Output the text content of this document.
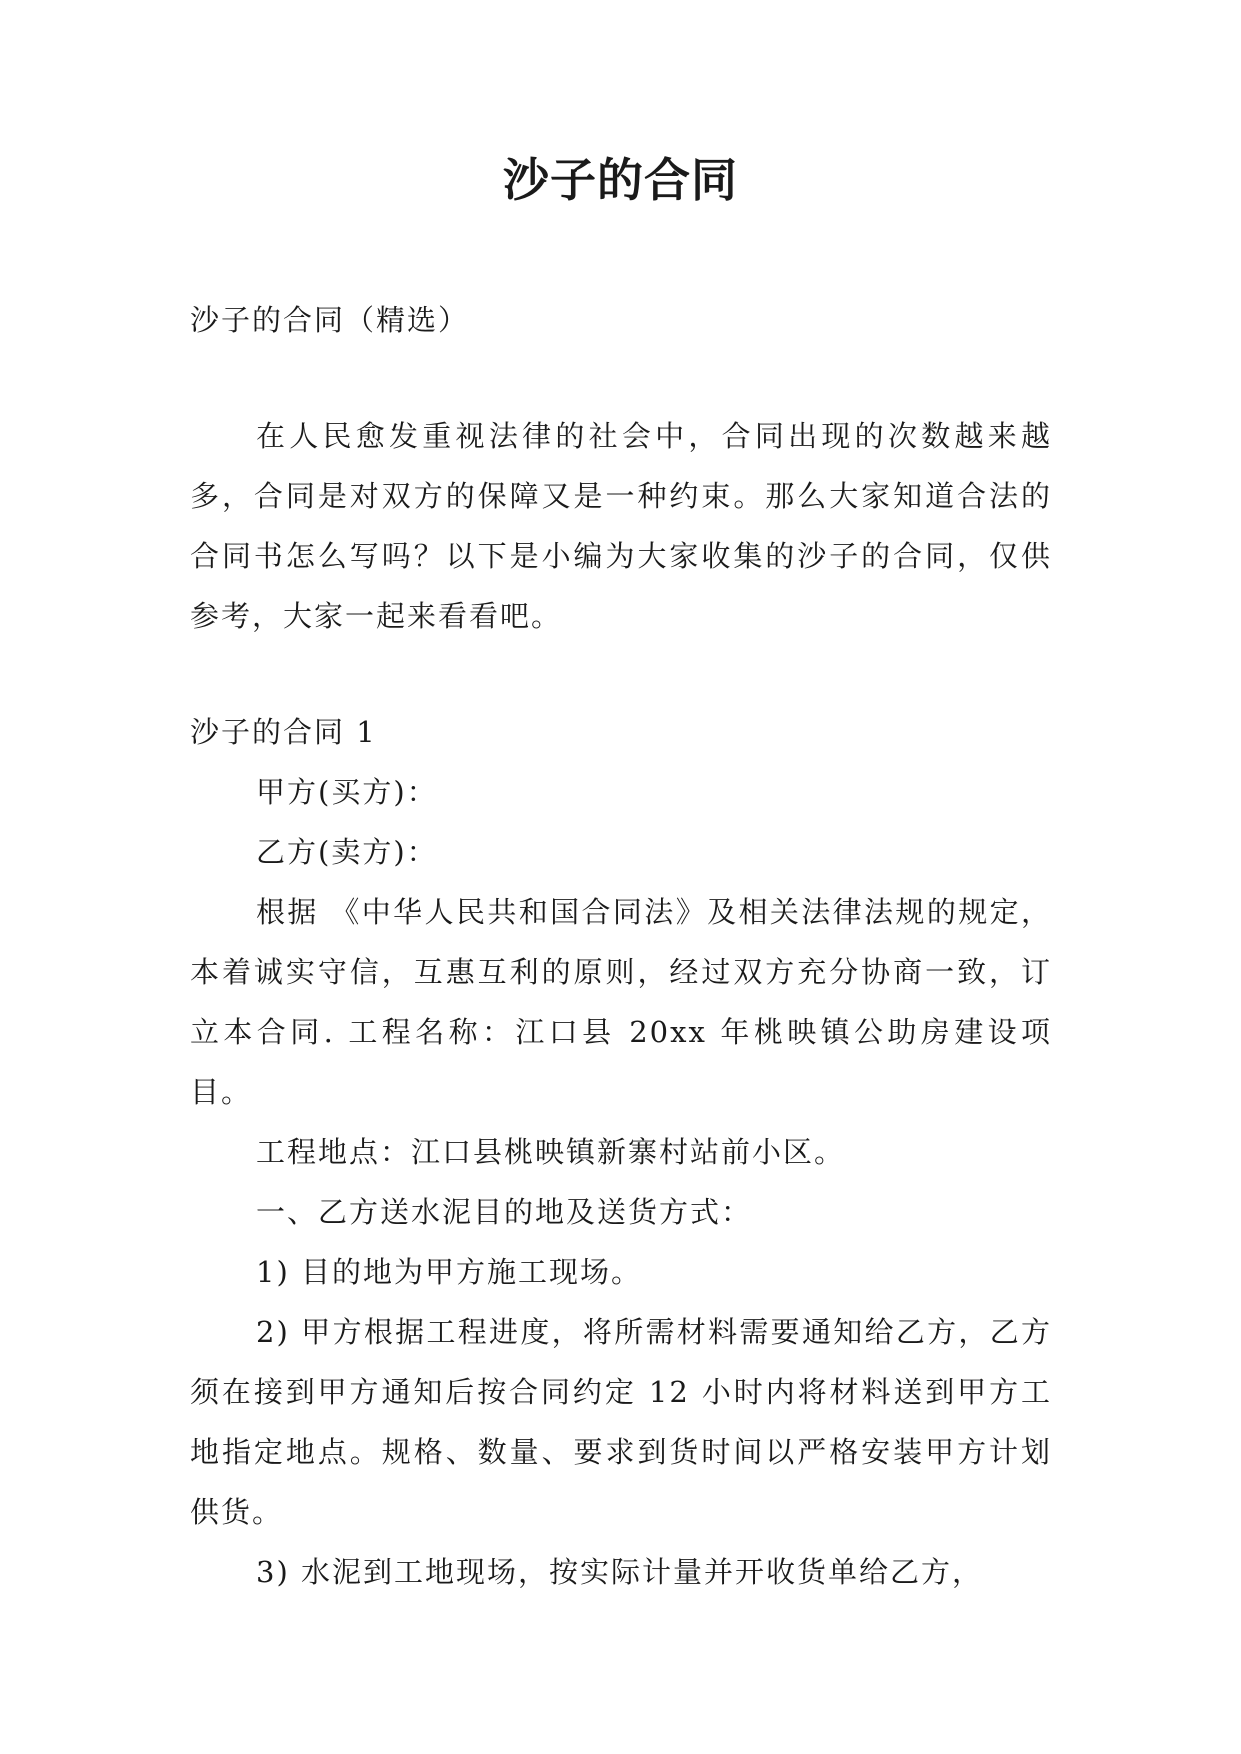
沙子的合同

沙子的合同（精选）

在人民愈发重视法律的社会中，合同出现的次数越来越多，合同是对双方的保障又是一种约束。那么大家知道合法的合同书怎么写吗？以下是小编为大家收集的沙子的合同，仅供参考，大家一起来看看吧。

沙子的合同 1

甲方(买方)：

乙方(卖方)：

根据 《中华人民共和国合同法》及相关法律法规的规定，本着诚实守信，互惠互利的原则，经过双方充分协商一致，订立本合同. 工程名称：江口县 20xx 年桃映镇公助房建设项目。

工程地点：江口县桃映镇新寨村站前小区。

一、乙方送水泥目的地及送货方式：

1) 目的地为甲方施工现场。

2) 甲方根据工程进度，将所需材料需要通知给乙方，乙方须在接到甲方通知后按合同约定 12 小时内将材料送到甲方工地指定地点。规格、数量、要求到货时间以严格安装甲方计划供货。

3) 水泥到工地现场，按实际计量并开收货单给乙方，
